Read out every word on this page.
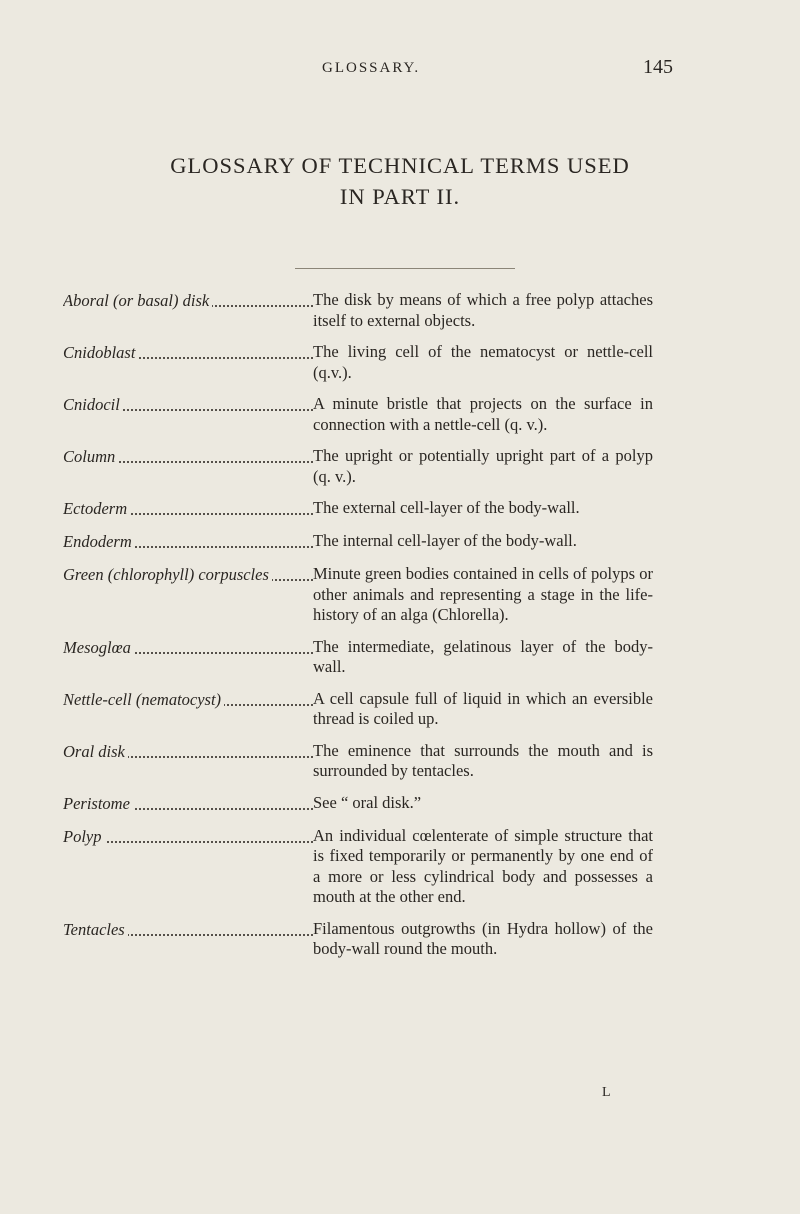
GLOSSARY.	145
GLOSSARY OF TECHNICAL TERMS USED
IN PART II.
Aboral (or basal) disk	The disk by means of which a free polyp attaches itself to external objects.
Cnidoblast	The living cell of the nematocyst or nettle-cell (q.v.).
Cnidocil	A minute bristle that projects on the surface in connection with a nettle-cell (q. v.).
Column	The upright or potentially upright part of a polyp (q. v.).
Ectoderm	The external cell-layer of the body-wall.
Endoderm	The internal cell-layer of the body-wall.
Green (chlorophyll) corpuscles	Minute green bodies contained in cells of polyps or other animals and representing a stage in the life-history of an alga (Chlorella).
Mesoglœa	The intermediate, gelatinous layer of the body-wall.
Nettle-cell (nematocyst)	A cell capsule full of liquid in which an eversible thread is coiled up.
Oral disk	The eminence that surrounds the mouth and is surrounded by tentacles.
Peristome	See “ oral disk.”
Polyp	An individual cœlenterate of simple structure that is fixed temporarily or permanently by one end of a more or less cylindrical body and possesses a mouth at the other end.
Tentacles	Filamentous outgrowths (in Hydra hollow) of the body-wall round the mouth.
L
